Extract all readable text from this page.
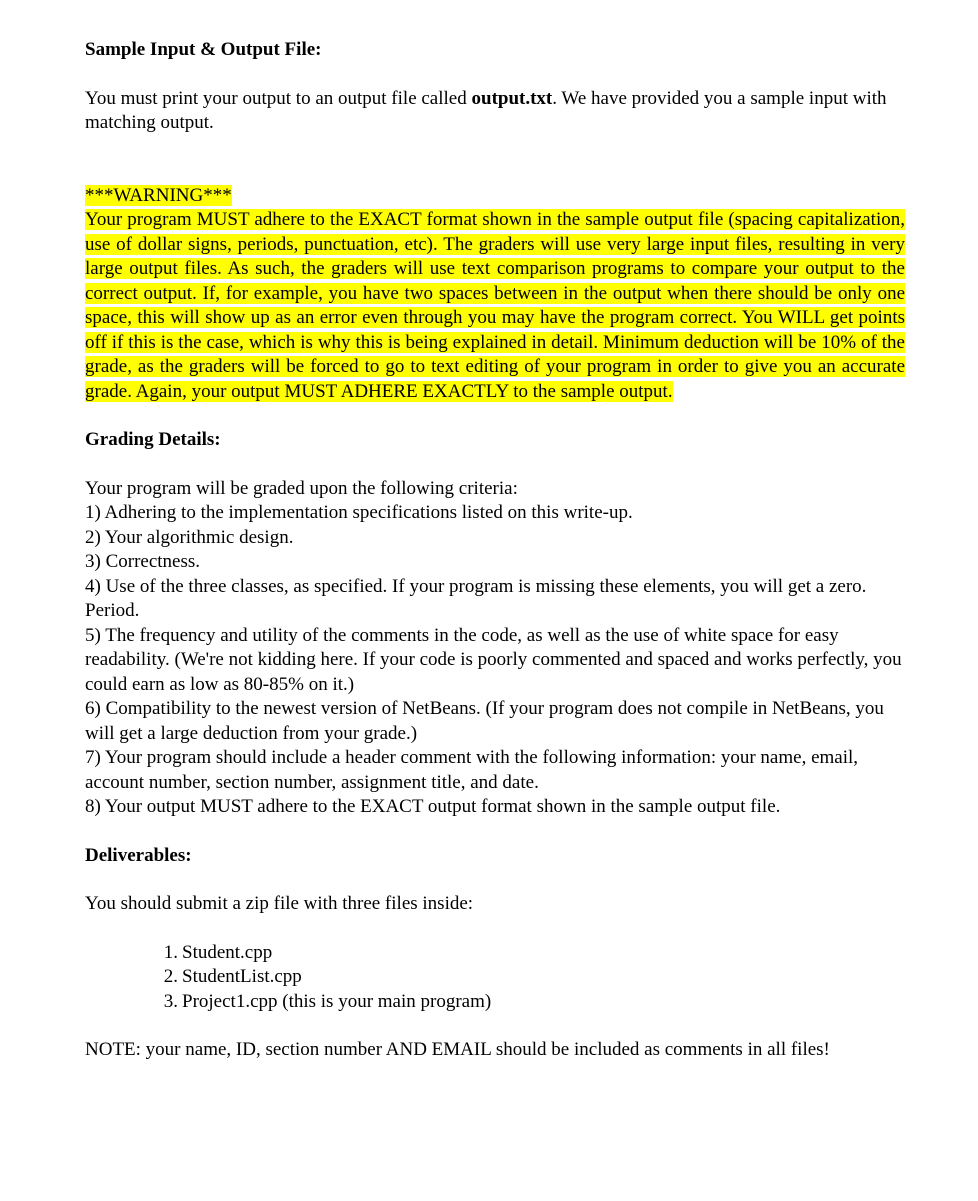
Sample Input & Output File:

You must print your output to an output file called output.txt. We have provided you a sample input with matching output.

***WARNING***

Your program MUST adhere to the EXACT format shown in the sample output file (spacing capitalization, use of dollar signs, periods, punctuation, etc). The graders will use very large input files, resulting in very large output files. As such, the graders will use text comparison programs to compare your output to the correct output. If, for example, you have two spaces between in the output when there should be only one space, this will show up as an error even through you may have the program correct. You WILL get points off if this is the case, which is why this is being explained in detail. Minimum deduction will be 10% of the grade, as the graders will be forced to go to text editing of your program in order to give you an accurate grade. Again, your output MUST ADHERE EXACTLY to the sample output.

Grading Details:

Your program will be graded upon the following criteria:

1) Adhering to the implementation specifications listed on this write-up.

2) Your algorithmic design.

3) Correctness.

4) Use of the three classes, as specified. If your program is missing these elements, you will get a zero. Period.

5) The frequency and utility of the comments in the code, as well as the use of white space for easy readability. (We're not kidding here. If your code is poorly commented and spaced and works perfectly, you could earn as low as 80-85% on it.)

6) Compatibility to the newest version of NetBeans. (If your program does not compile in NetBeans, you will get a large deduction from your grade.)

7) Your program should include a header comment with the following information: your name, email, account number, section number, assignment title, and date.

8) Your output MUST adhere to the EXACT output format shown in the sample output file.

Deliverables:

You should submit a zip file with three files inside:

1. Student.cpp
2. StudentList.cpp
3. Project1.cpp (this is your main program)

NOTE: your name, ID, section number AND EMAIL should be included as comments in all files!
